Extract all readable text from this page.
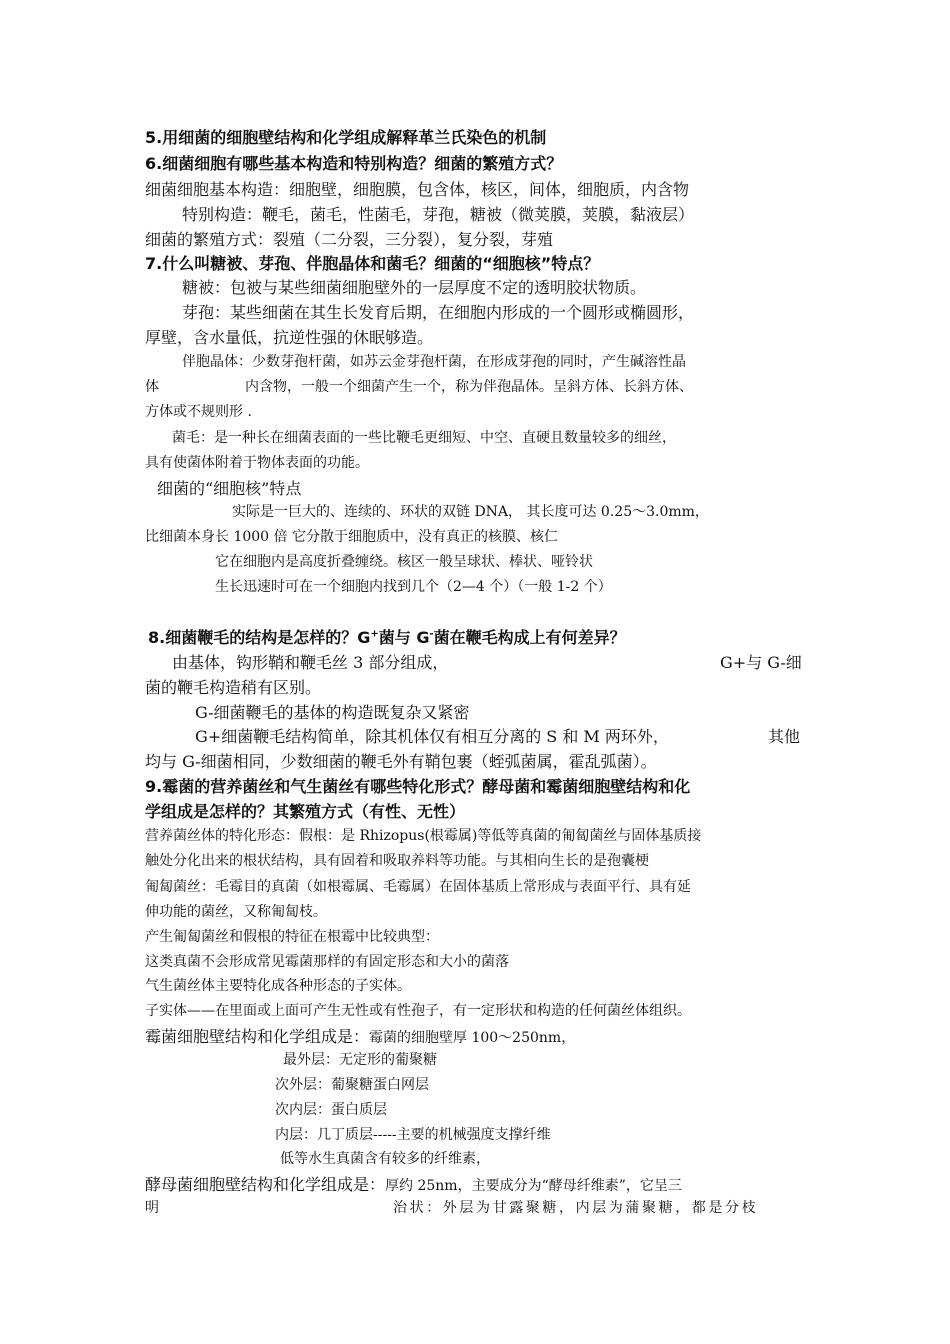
5.用细菌的细胞壁结构和化学组成解释革兰氏染色的机制
6.细菌细胞有哪些基本构造和特别构造？细菌的繁殖方式？
细菌细胞基本构造：细胞壁，细胞膜，包含体，核区，间体，细胞质，内含物
特别构造：鞭毛，菌毛，性菌毛，芽孢，糖被（微荚膜，荚膜，黏液层）
细菌的繁殖方式：裂殖（二分裂，三分裂），复分裂，芽殖
7.什么叫糖被、芽孢、伴胞晶体和菌毛？细菌的“细胞核”特点？
糖被：包被与某些细菌细胞壁外的一层厚度不定的透明胶状物质。
芽孢：某些细菌在其生长发育后期，在细胞内形成的一个圆形或椭圆形，
厚壁，含水量低，抗逆性强的休眠够造。
伴胞晶体：少数芽孢杆菌，如苏云金芽孢杆菌，在形成芽孢的同时，产生碱溶性晶
体	内含物，一般一个细菌产生一个，称为伴孢晶体。呈斜方体、长斜方体、
方体或不规则形 .
菌毛：是一种长在细菌表面的一些比鞭毛更细短、中空、直硬且数量较多的细丝，
具有使菌体附着于物体表面的功能。
细菌的“细胞核”特点
实际是一巨大的、连续的、环状的双链 DNA， 其长度可达 0.25～3.0mm，
比细菌本身长 1000 倍 它分散于细胞质中，没有真正的核膜、核仁
它在细胞内是高度折叠缠绕。核区一般呈球状、棒状、哑铃状
生长迅速时可在一个细胞内找到几个（2—4 个）（一般 1-2 个）
8.细菌鞭毛的结构是怎样的？G+菌与 G-菌在鞭毛构成上有何差异？
由基体，钩形鞘和鞭毛丝 3 部分组成，	G+与 G-细
菌的鞭毛构造稍有区别。
G-细菌鞭毛的基体的构造既复杂又紧密
G+细菌鞭毛结构简单，除其机体仅有相互分离的 S 和 M 两环外，	其他
均与 G-细菌相同，少数细菌的鞭毛外有鞘包裹（蛭弧菌属，霍乱弧菌）。
9.霉菌的营养菌丝和气生菌丝有哪些特化形式？酵母菌和霉菌细胞壁结构和化
学组成是怎样的？其繁殖方式（有性、无性）
营养菌丝体的特化形态：假根：是 Rhizopus(根霉属)等低等真菌的匍匐菌丝与固体基质接
触处分化出来的根状结构，具有固着和吸取养料等功能。与其相向生长的是孢囊梗
匍匐菌丝：毛霉目的真菌（如根霉属、毛霉属）在固体基质上常形成与表面平行、具有延
伸功能的菌丝，又称匍匐枝。
产生匍匐菌丝和假根的特征在根霉中比较典型：
这类真菌不会形成常见霉菌那样的有固定形态和大小的菌落
气生菌丝体主要特化成各种形态的子实体。
子实体——在里面或上面可产生无性或有性孢子，有一定形状和构造的任何菌丝体组织。
霉菌细胞壁结构和化学组成是：霉菌的细胞壁厚 100～250nm，
最外层：无定形的葡聚糖
次外层：葡聚糖蛋白网层
次内层：蛋白质层
内层：几丁质层-----主要的机械强度支撑纤维
低等水生真菌含有较多的纤维素，
酵母菌细胞壁结构和化学组成是：厚约 25nm，主要成分为“酵母纤维素”，它呈三
明	治状：外层为甘露聚糖，内层为蒲聚糖，都是分枝
